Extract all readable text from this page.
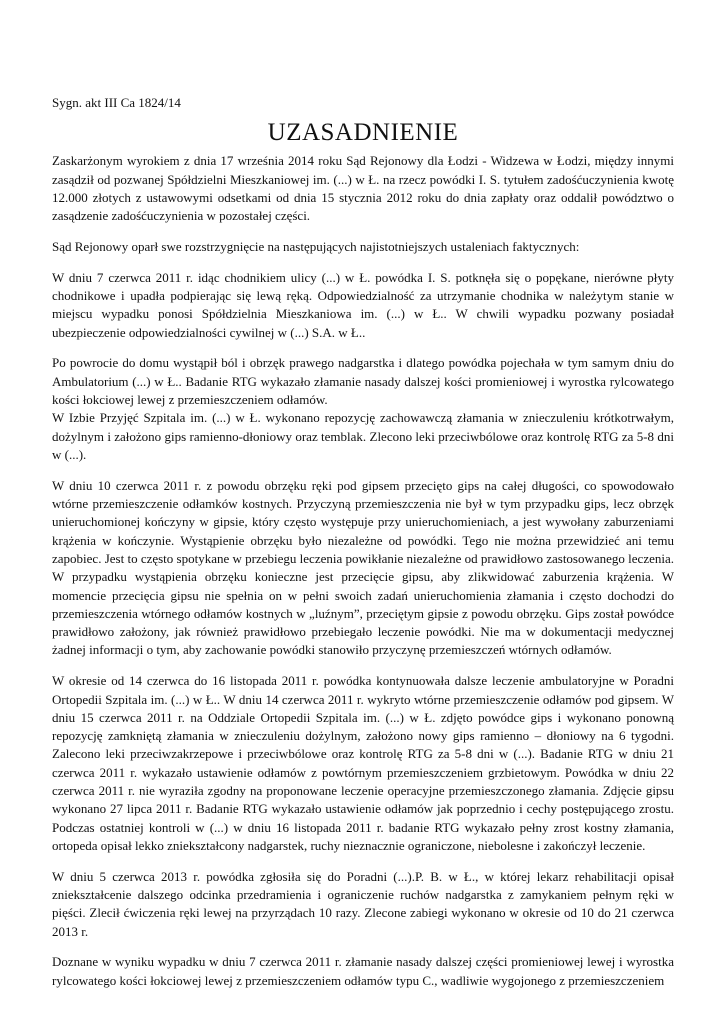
Sygn. akt III Ca 1824/14
UZASADNIENIE

Zaskarżonym wyrokiem z dnia 17 września 2014 roku Sąd Rejonowy dla Łodzi - Widzewa w Łodzi, między innymi zasądził od pozwanej Spółdzielni Mieszkaniowej im. (...) w Ł. na rzecz powódki I. S. tytułem zadośćuczynienia kwotę 12.000 złotych z ustawowymi odsetkami od dnia 15 stycznia 2012 roku do dnia zapłaty oraz oddalił powództwo o zasądzenie zadośćuczynienia w pozostałej części.

Sąd Rejonowy oparł swe rozstrzygnięcie na następujących najistotniejszych ustaleniach faktycznych:

W dniu 7 czerwca 2011 r. idąc chodnikiem ulicy (...) w Ł. powódka I. S. potknęła się o popękane, nierówne płyty chodnikowe i upadła podpierając się lewą ręką. Odpowiedzialność za utrzymanie chodnika w należytym stanie w miejscu wypadku ponosi Spółdzielnia Mieszkaniowa im. (...) w Ł.. W chwili wypadku pozwany posiadał ubezpieczenie odpowiedzialności cywilnej w (...) S.A. w Ł..

Po powrocie do domu wystąpił ból i obrzęk prawego nadgarstka i dlatego powódka pojechała w tym samym dniu do Ambulatorium (...) w Ł.. Badanie RTG wykazało złamanie nasady dalszej kości promieniowej i wyrostka rylcowatego kości łokciowej lewej z przemieszczeniem odłamów.

W Izbie Przyjęć Szpitala im. (...) w Ł. wykonano repozycję zachowawczą złamania w znieczuleniu krótkotrwałym, dożylnym i założono gips ramienno-dłoniowy oraz temblak. Zlecono leki przeciwbólowe oraz kontrolę RTG za 5-8 dni w (...).

W dniu 10 czerwca 2011 r. z powodu obrzęku ręki pod gipsem przecięto gips na całej długości, co spowodowało wtórne przemieszczenie odłamków kostnych. Przyczyną przemieszczenia nie był w tym przypadku gips, lecz obrzęk unieruchomionej kończyny w gipsie, który często występuje przy unieruchomieniach, a jest wywołany zaburzeniami krążenia w kończynie. Wystąpienie obrzęku było niezależne od powódki. Tego nie można przewidzieć ani temu zapobiec. Jest to często spotykane w przebiegu leczenia powikłanie niezależne od prawidłowo zastosowanego leczenia. W przypadku wystąpienia obrzęku konieczne jest przecięcie gipsu, aby zlikwidować zaburzenia krążenia. W momencie przecięcia gipsu nie spełnia on w pełni swoich zadań unieruchomienia złamania i często dochodzi do przemieszczenia wtórnego odłamów kostnych w „luźnym”, przeciętym gipsie z powodu obrzęku. Gips został powódce prawidłowo założony, jak również prawidłowo przebiegało leczenie powódki. Nie ma w dokumentacji medycznej żadnej informacji o tym, aby zachowanie powódki stanowiło przyczynę przemieszczeń wtórnych odłamów.

W okresie od 14 czerwca do 16 listopada 2011 r. powódka kontynuowała dalsze leczenie ambulatoryjne w Poradni Ortopedii Szpitala im. (...) w Ł.. W dniu 14 czerwca 2011 r. wykryto wtórne przemieszczenie odłamów pod gipsem. W dniu 15 czerwca 2011 r. na Oddziale Ortopedii Szpitala im. (...) w Ł. zdjęto powódce gips i wykonano ponowną repozycję zamkniętą złamania w znieczuleniu dożylnym, założono nowy gips ramienno – dłoniowy na 6 tygodni. Zalecono leki przeciwzakrzepowe i przeciwbólowe oraz kontrolę RTG za 5-8 dni w (...). Badanie RTG w dniu 21 czerwca 2011 r. wykazało ustawienie odłamów z powtórnym przemieszczeniem grzbietowym. Powódka w dniu 22 czerwca 2011 r. nie wyraziła zgodny na proponowane leczenie operacyjne przemieszczonego złamania. Zdjęcie gipsu wykonano 27 lipca 2011 r. Badanie RTG wykazało ustawienie odłamów jak poprzednio i cechy postępującego zrostu. Podczas ostatniej kontroli w (...) w dniu 16 listopada 2011 r. badanie RTG wykazało pełny zrost kostny złamania, ortopeda opisał lekko zniekształcony nadgarstek, ruchy nieznacznie ograniczone, niebolesne i zakończył leczenie.

W dniu 5 czerwca 2013 r. powódka zgłosiła się do Poradni (...).P. B. w Ł., w której lekarz rehabilitacji opisał zniekształcenie dalszego odcinka przedramienia i ograniczenie ruchów nadgarstka z zamykaniem pełnym ręki w pięści. Zlecił ćwiczenia ręki lewej na przyrządach 10 razy. Zlecone zabiegi wykonano w okresie od 10 do 21 czerwca 2013 r.

Doznane w wyniku wypadku w dniu 7 czerwca 2011 r. złamanie nasady dalszej części promieniowej lewej i wyrostka rylcowatego kości łokciowej lewej z przemieszczeniem odłamów typu C., wadliwie wygojonego z przemieszczeniem
